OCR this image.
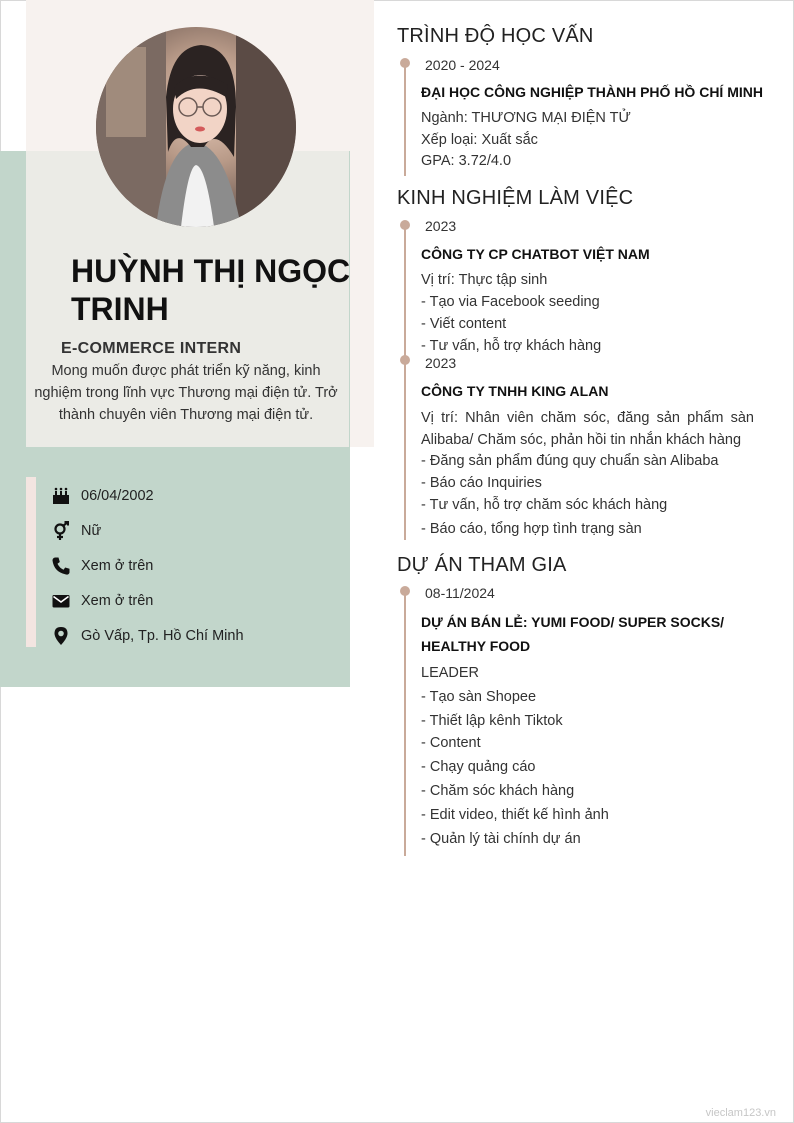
HUỲNH THỊ NGỌC TRINH
E-COMMERCE INTERN
Mong muốn được phát triển kỹ năng, kinh nghiệm trong lĩnh vực Thương mại điện tử. Trở thành chuyên viên Thương mại điện tử.
06/04/2002
Nữ
Xem ở trên
Xem ở trên
Gò Vấp, Tp. Hồ Chí Minh
TRÌNH ĐỘ HỌC VẤN
2020 - 2024
ĐẠI HỌC CÔNG NGHIỆP THÀNH PHỐ HỒ CHÍ MINH
Ngành: THƯƠNG MẠI ĐIỆN TỬ
Xếp loại: Xuất sắc
GPA: 3.72/4.0
KINH NGHIỆM LÀM VIỆC
2023
CÔNG TY CP CHATBOT VIỆT NAM
Vị trí: Thực tập sinh
- Tạo via Facebook seeding
- Viết content
- Tư vấn, hỗ trợ khách hàng
2023
CÔNG TY TNHH KING ALAN
Vị trí: Nhân viên chăm sóc, đăng sản phẩm sàn Alibaba/ Chăm sóc, phản hồi tin nhắn khách hàng
- Đăng sản phẩm đúng quy chuẩn sàn Alibaba
- Báo cáo Inquiries
- Tư vấn, hỗ trợ chăm sóc khách hàng
- Báo cáo, tổng hợp tình trạng sàn
DỰ ÁN THAM GIA
08-11/2024
DỰ ÁN BÁN LẺ: YUMI FOOD/ SUPER SOCKS/ HEALTHY FOOD
LEADER
- Tạo sàn Shopee
- Thiết lập kênh Tiktok
- Content
- Chạy quảng cáo
- Chăm sóc khách hàng
- Edit video, thiết kế hình ảnh
- Quản lý tài chính dự án
vieclam123.vn
